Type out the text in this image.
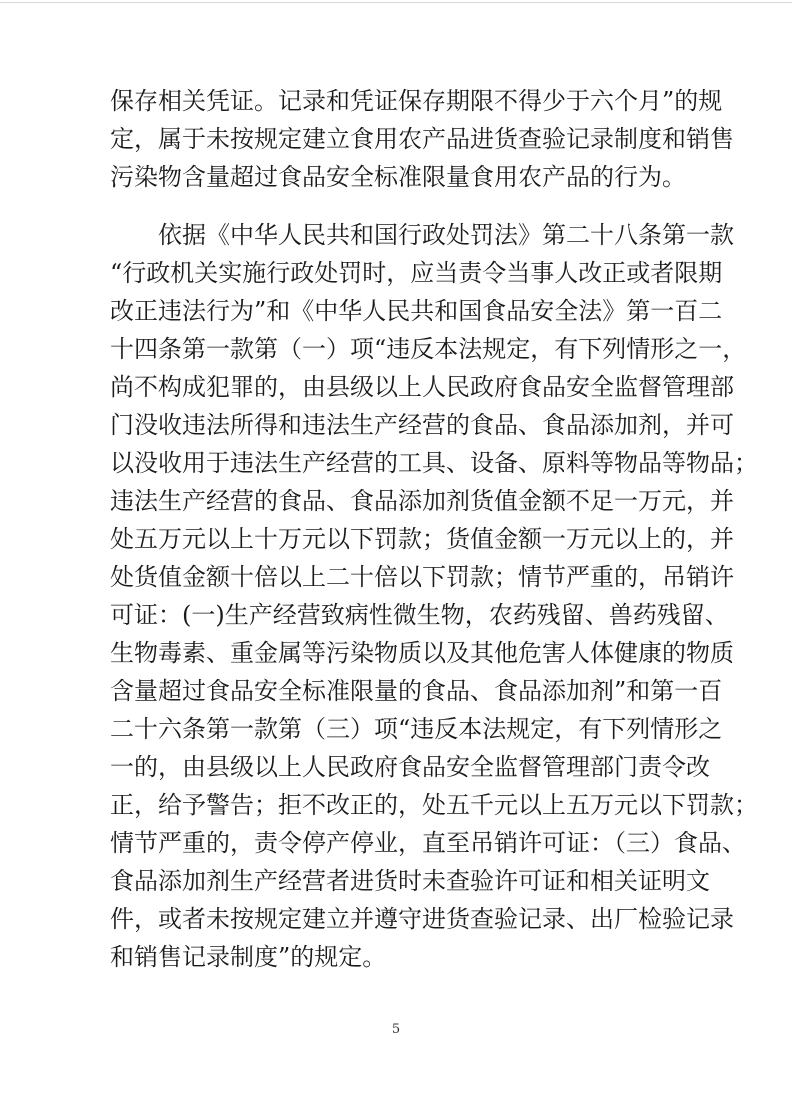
保存相关凭证。记录和凭证保存期限不得少于六个月”的规
定，属于未按规定建立食用农产品进货查验记录制度和销售
污染物含量超过食品安全标准限量食用农产品的行为。
依据《中华人民共和国行政处罚法》第二十八条第一款
“行政机关实施行政处罚时，应当责令当事人改正或者限期
改正违法行为”和《中华人民共和国食品安全法》第一百二
十四条第一款第（一）项“违反本法规定，有下列情形之一，
尚不构成犯罪的，由县级以上人民政府食品安全监督管理部
门没收违法所得和违法生产经营的食品、食品添加剂，并可
以没收用于违法生产经营的工具、设备、原料等物品等物品；
违法生产经营的食品、食品添加剂货值金额不足一万元，并
处五万元以上十万元以下罚款；货值金额一万元以上的，并
处货值金额十倍以上二十倍以下罚款；情节严重的，吊销许
可证：(一)生产经营致病性微生物，农药残留、兽药残留、
生物毒素、重金属等污染物质以及其他危害人体健康的物质
含量超过食品安全标准限量的食品、食品添加剂”和第一百
二十六条第一款第（三）项“违反本法规定，有下列情形之
一的，由县级以上人民政府食品安全监督管理部门责令改
正，给予警告；拒不改正的，处五千元以上五万元以下罚款；
情节严重的，责令停产停业，直至吊销许可证：（三）食品、
食品添加剂生产经营者进货时未查验许可证和相关证明文
件，或者未按规定建立并遵守进货查验记录、出厂检验记录
和销售记录制度”的规定。
5
